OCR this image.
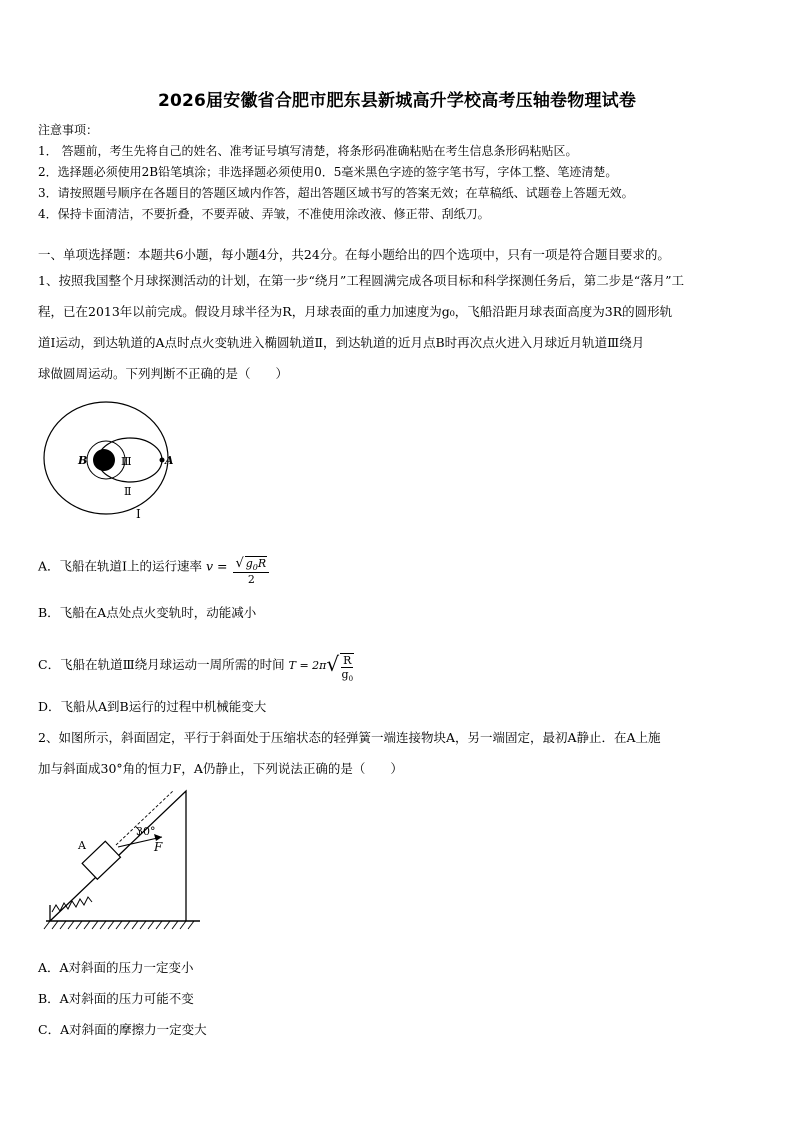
2026届安徽省合肥市肥东县新城高升学校高考压轴卷物理试卷
注意事项：
1． 答题前，考生先将自己的姓名、准考证号填写清楚，将条形码准确粘贴在考生信息条形码粘贴区。
2．选择题必须使用2B铅笔填涂；非选择题必须使用0．5毫米黑色字迹的签字笔书写，字体工整、笔迹清楚。
3．请按照题号顺序在各题目的答题区域内作答，超出答题区域书写的答案无效；在草稿纸、试题卷上答题无效。
4．保持卡面清洁，不要折叠，不要弄破、弄皱，不准使用涂改液、修正带、刮纸刀。
一、单项选择题：本题共6小题，每小题4分，共24分。在每小题给出的四个选项中，只有一项是符合题目要求的。
1、按照我国整个月球探测活动的计划，在第一步“绕月”工程圆满完成各项目标和科学探测任务后，第二步是“落月”工
程，已在2013年以前完成。假设月球半径为R，月球表面的重力加速度为g₀，飞船沿距月球表面高度为3R的圆形轨
道Ⅰ运动，到达轨道的A点时点火变轨进入椭圆轨道Ⅱ，到达轨道的近月点B时再次点火进入月球近月轨道Ⅲ绕月
球做圆周运动。下列判断不正确的是（　　）
B	A
Ⅲ
Ⅱ
Ⅰ
A．飞船在轨道Ⅰ上的运行速率 $v = \frac{√ g_0R}{2}$
B．飞船在A点处点火变轨时，动能减小
C．飞船在轨道Ⅲ绕月球运动一周所需的时间 $T = 2\pi√ \frac{R}{g_0}$
D．飞船从A到B运行的过程中机械能变大
2、如图所示，斜面固定，平行于斜面处于压缩状态的轻弹簧一端连接物块A，另一端固定，最初A静止．在A上施
加与斜面成30°角的恒力F，A仍静止，下列说法正确的是（　　）
A
30°
F
A．A对斜面的压力一定变小
B．A对斜面的压力可能不变
C．A对斜面的摩擦力一定变大
